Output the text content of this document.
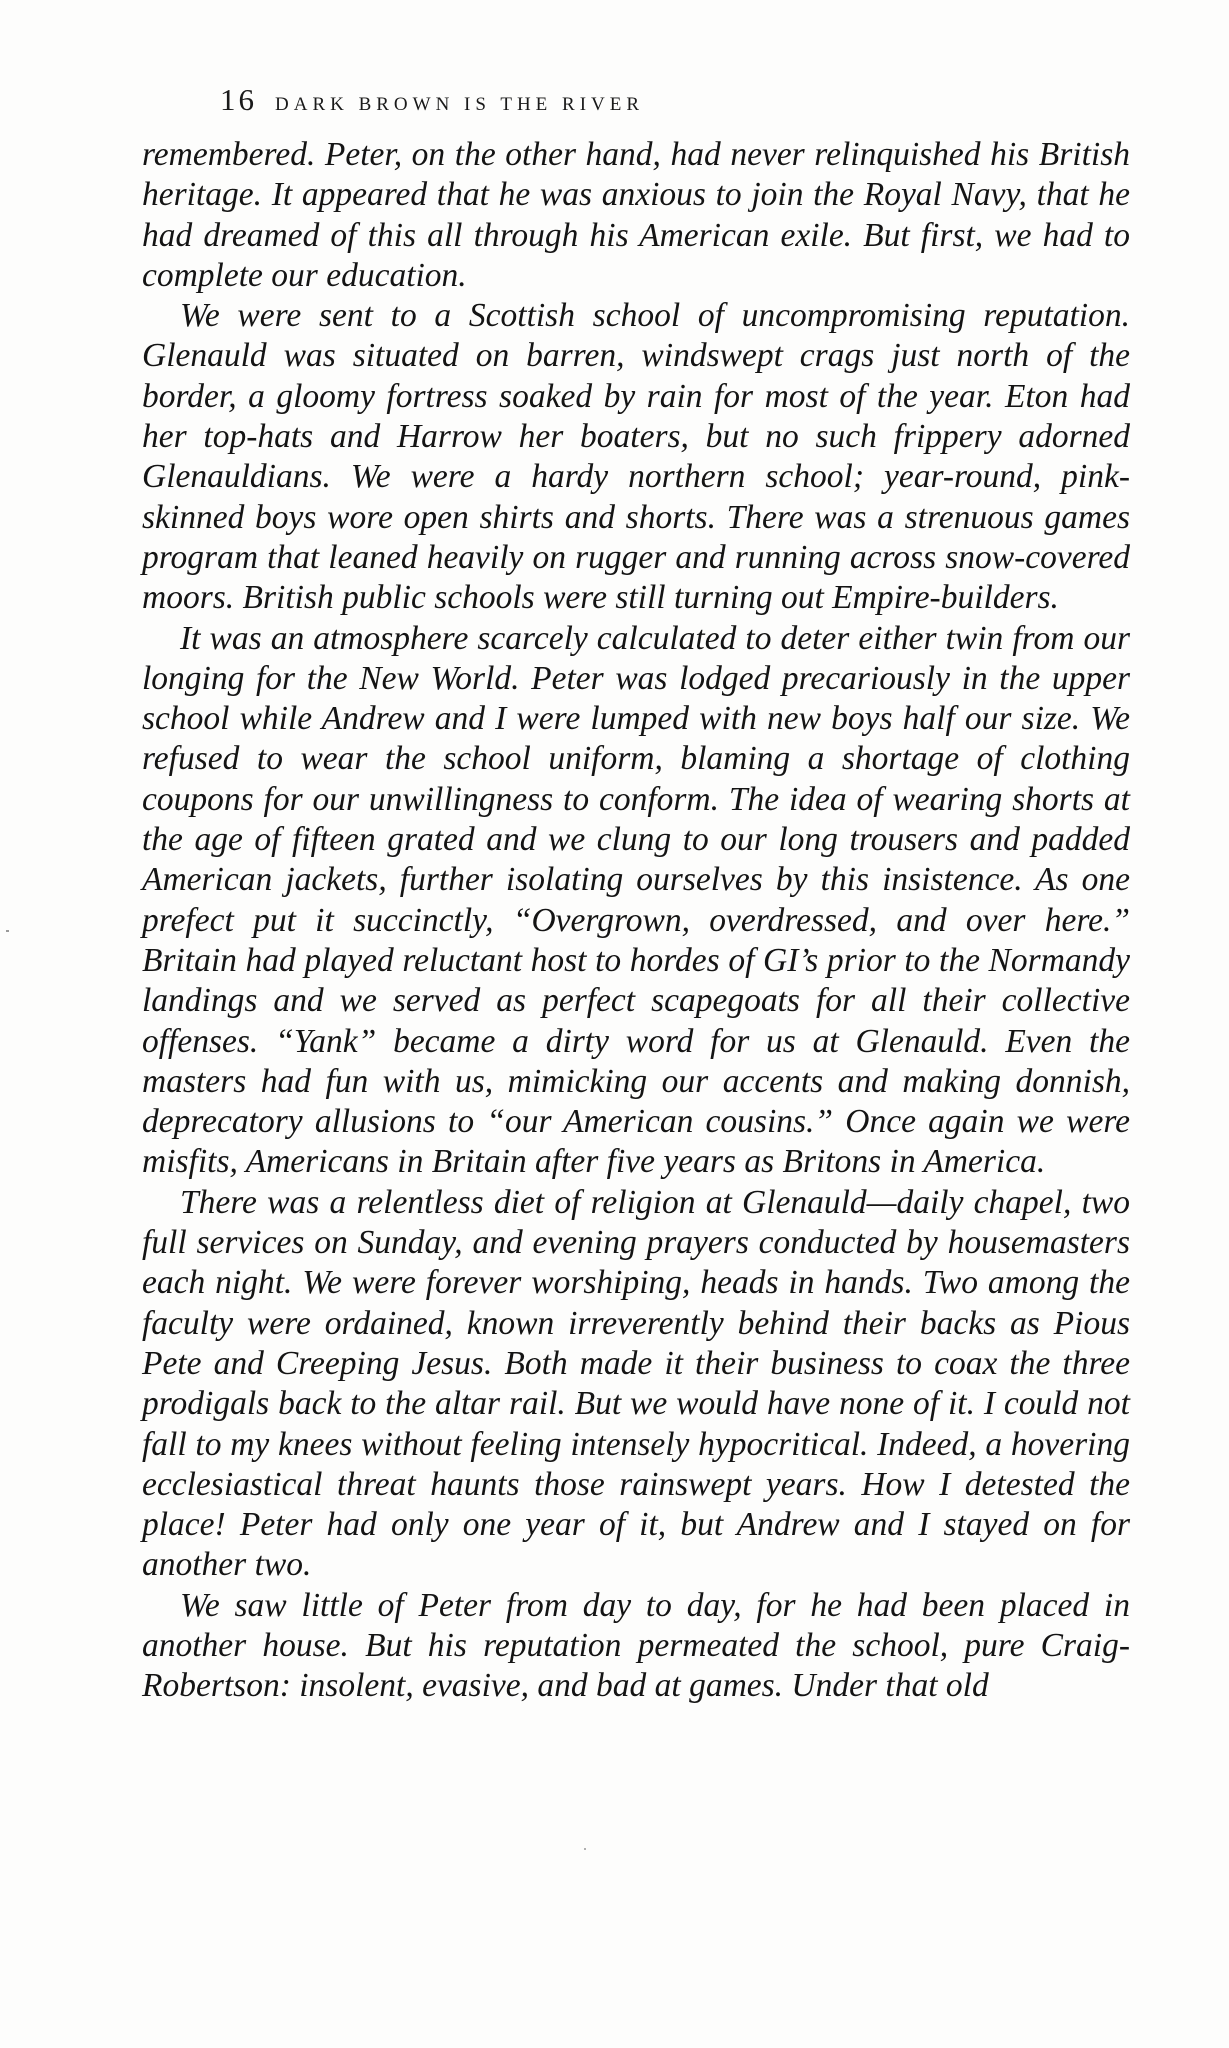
16 DARK BROWN IS THE RIVER

remembered. Peter, on the other hand, had never relinquished his British heritage. It appeared that he was anxious to join the Royal Navy, that he had dreamed of this all through his American exile. But first, we had to complete our education.

We were sent to a Scottish school of uncompromising reputation. Glenauld was situated on barren, windswept crags just north of the border, a gloomy fortress soaked by rain for most of the year. Eton had her top-hats and Harrow her boaters, but no such frippery adorned Glenauldians. We were a hardy northern school; year-round, pink-skinned boys wore open shirts and shorts. There was a strenuous games program that leaned heavily on rugger and running across snow-covered moors. British public schools were still turning out Empire-builders.

It was an atmosphere scarcely calculated to deter either twin from our longing for the New World. Peter was lodged precariously in the upper school while Andrew and I were lumped with new boys half our size. We refused to wear the school uniform, blaming a shortage of clothing coupons for our unwillingness to conform. The idea of wearing shorts at the age of fifteen grated and we clung to our long trousers and padded American jackets, further isolating ourselves by this insistence. As one prefect put it succinctly, “Overgrown, overdressed, and over here.” Britain had played reluctant host to hordes of GI’s prior to the Normandy landings and we served as perfect scapegoats for all their collective offenses. “Yank” became a dirty word for us at Glenauld. Even the masters had fun with us, mimicking our accents and making donnish, deprecatory allusions to “our American cousins.” Once again we were misfits, Americans in Britain after five years as Britons in America.

There was a relentless diet of religion at Glenauld—daily chapel, two full services on Sunday, and evening prayers conducted by housemasters each night. We were forever worshiping, heads in hands. Two among the faculty were ordained, known irreverently behind their backs as Pious Pete and Creeping Jesus. Both made it their business to coax the three prodigals back to the altar rail. But we would have none of it. I could not fall to my knees without feeling intensely hypocritical. Indeed, a hovering ecclesiastical threat haunts those rainswept years. How I detested the place! Peter had only one year of it, but Andrew and I stayed on for another two.

We saw little of Peter from day to day, for he had been placed in another house. But his reputation permeated the school, pure Craig-Robertson: insolent, evasive, and bad at games. Under that old
